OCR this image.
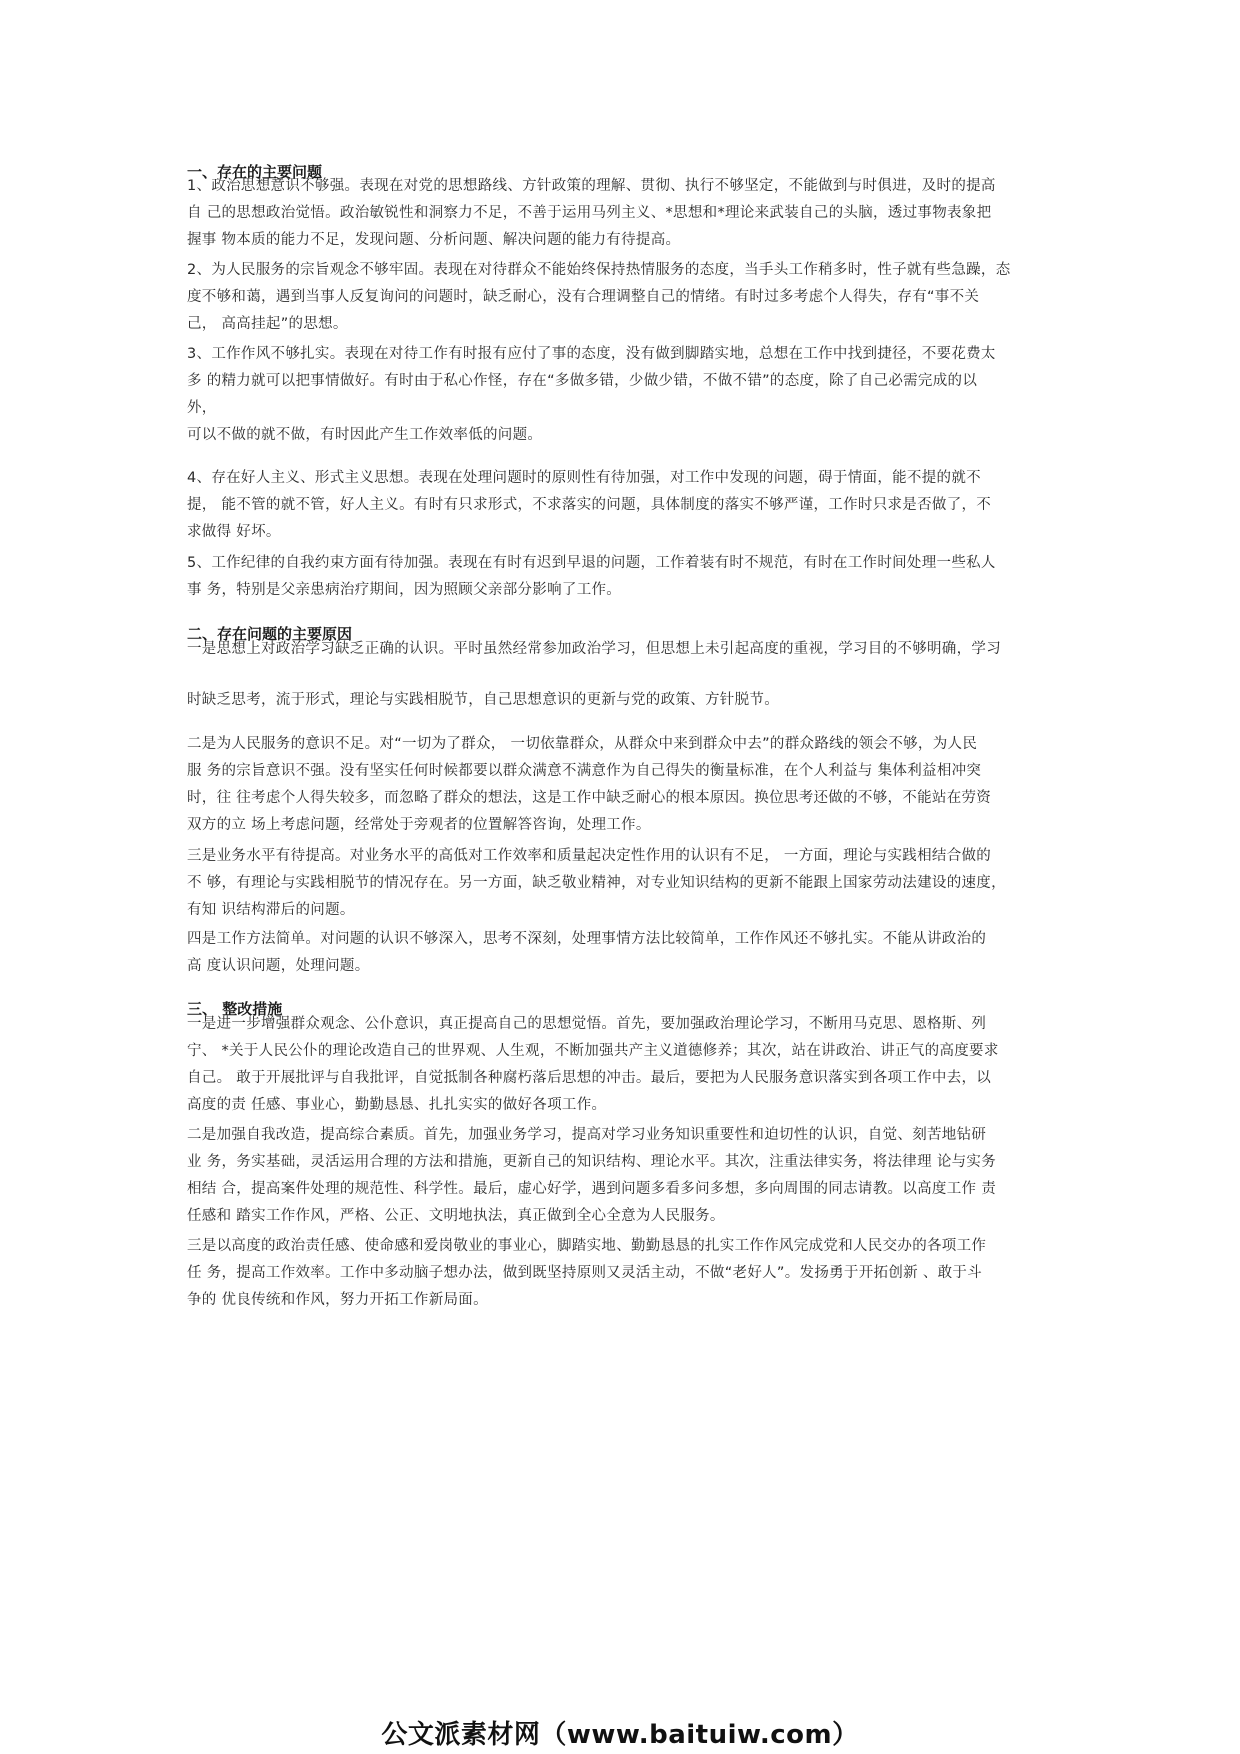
一、存在的主要问题

1、政治思想意识不够强。表现在对党的思想路线、方针政策的理解、贯彻、执行不够坚定，不能做到与时俱进，及时的提高

自 己的思想政治觉悟。政治敏锐性和洞察力不足，不善于运用马列主义、*思想和*理论来武装自己的头脑，透过事物表象把

握事 物本质的能力不足，发现问题、分析问题、解决问题的能力有待提高。

2、为人民服务的宗旨观念不够牢固。表现在对待群众不能始终保持热情服务的态度，当手头工作稍多时，性子就有些急躁，态

度不够和蔼，遇到当事人反复询问的问题时，缺乏耐心，没有合理调整自己的情绪。有时过多考虑个人得失，存有“事不关

己， 高高挂起”的思想。

3、工作作风不够扎实。表现在对待工作有时报有应付了事的态度，没有做到脚踏实地，总想在工作中找到捷径，不要花费太

多 的精力就可以把事情做好。有时由于私心作怪，存在“多做多错，少做少错，不做不错”的态度，除了自己必需完成的以

外，

可以不做的就不做，有时因此产生工作效率低的问题。

4、存在好人主义、形式主义思想。表现在处理问题时的原则性有待加强，对工作中发现的问题，碍于情面，能不提的就不

提， 能不管的就不管，好人主义。有时有只求形式，不求落实的问题，具体制度的落实不够严谨，工作时只求是否做了，不

求做得 好坏。

5、工作纪律的自我约束方面有待加强。表现在有时有迟到早退的问题，工作着装有时不规范，有时在工作时间处理一些私人

事 务，特别是父亲患病治疗期间，因为照顾父亲部分影响了工作。

二、存在问题的主要原因

一是思想上对政治学习缺乏正确的认识。平时虽然经常参加政治学习，但思想上未引起高度的重视，学习目的不够明确，学习

时缺乏思考，流于形式，理论与实践相脱节，自己思想意识的更新与党的政策、方针脱节。

二是为人民服务的意识不足。对“一切为了群众， 一切依靠群众，从群众中来到群众中去”的群众路线的领会不够，为人民

服 务的宗旨意识不强。没有坚实任何时候都要以群众满意不满意作为自己得失的衡量标准，在个人利益与 集体利益相冲突

时，往 往考虑个人得失较多，而忽略了群众的想法，这是工作中缺乏耐心的根本原因。换位思考还做的不够，不能站在劳资

双方的立 场上考虑问题，经常处于旁观者的位置解答咨询，处理工作。

三是业务水平有待提高。对业务水平的高低对工作效率和质量起决定性作用的认识有不足， 一方面，理论与实践相结合做的

不 够，有理论与实践相脱节的情况存在。另一方面，缺乏敬业精神，对专业知识结构的更新不能跟上国家劳动法建设的速度，

有知 识结构滞后的问题。

四是工作方法简单。对问题的认识不够深入，思考不深刻，处理事情方法比较简单，工作作风还不够扎实。不能从讲政治的

高 度认识问题，处理问题。

三、 整改措施

一是进一步增强群众观念、公仆意识，真正提高自己的思想觉悟。首先，要加强政治理论学习，不断用马克思、恩格斯、列

宁、 *关于人民公仆的理论改造自己的世界观、人生观，不断加强共产主义道德修养；其次，站在讲政治、讲正气的高度要求

自己。 敢于开展批评与自我批评，自觉抵制各种腐朽落后思想的冲击。最后，要把为人民服务意识落实到各项工作中去，以

高度的责 任感、事业心，勤勤恳恳、扎扎实实的做好各项工作。

二是加强自我改造，提高综合素质。首先，加强业务学习，提高对学习业务知识重要性和迫切性的认识，自觉、刻苦地钻研

业 务，务实基础，灵活运用合理的方法和措施，更新自己的知识结构、理论水平。其次，注重法律实务，将法律理 论与实务

相结 合，提高案件处理的规范性、科学性。最后，虚心好学，遇到问题多看多问多想，多向周围的同志请教。以高度工作 责

任感和 踏实工作作风，严格、公正、文明地执法，真正做到全心全意为人民服务。

三是以高度的政治责任感、使命感和爱岗敬业的事业心，脚踏实地、勤勤恳恳的扎实工作作风完成党和人民交办的各项工作

任 务，提高工作效率。工作中多动脑子想办法，做到既坚持原则又灵活主动，不做“老好人”。发扬勇于开拓创新 、敢于斗

争的 优良传统和作风，努力开拓工作新局面。

公文派素材网（www.baituiw.com）
